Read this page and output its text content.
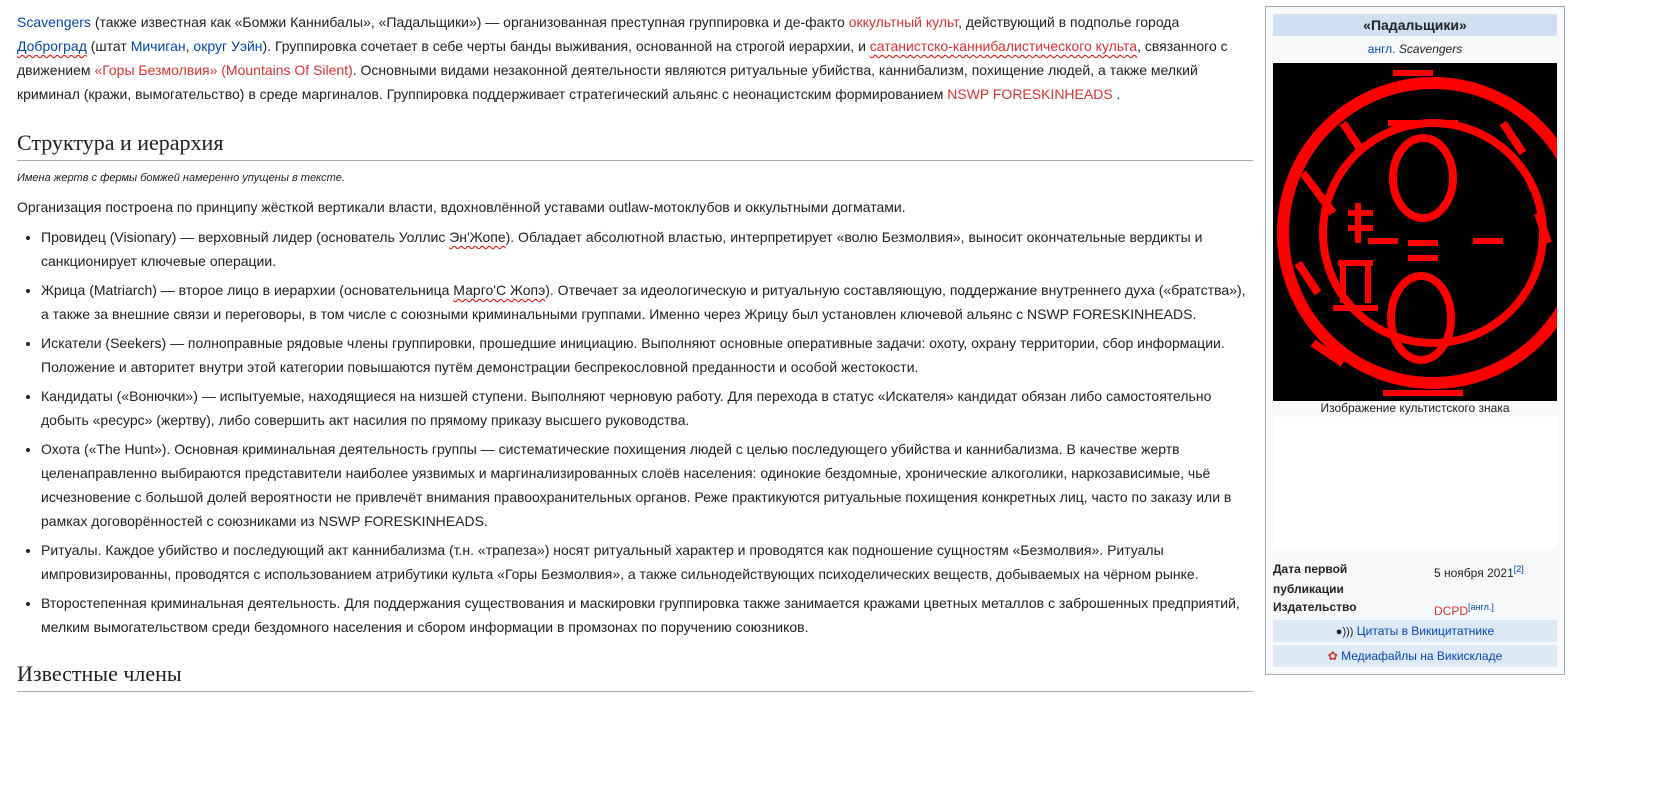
Scavengers (также известная как «Бомжи Каннибалы», «Падальщики») — организованная преступная группировка и де-факто оккультный культ, действующий в подполье города Доброград (штат Мичиган, округ Уэйн). Группировка сочетает в себе черты банды выживания, основанной на строгой иерархии, и сатанистско-каннибалистического культа, связанного с движением «Горы Безмолвия» (Mountains Of Silent). Основными видами незаконной деятельности являются ритуальные убийства, каннибализм, похищение людей, а также мелкий криминал (кражи, вымогательство) в среде маргиналов. Группировка поддерживает стратегический альянс с неонацистским формированием NSWP FORESKINHEADS .

Структура и иерархия
Имена жертв с фермы бомжей намеренно упущены в тексте.

Организация построена по принципу жёсткой вертикали власти, вдохновлённой уставами outlaw-мотоклубов и оккультными догматами.

• Провидец (Visionary) — верховный лидер (основатель Уоллис Эн'Жопе). Обладает абсолютной властью, интерпретирует «волю Безмолвия», выносит окончательные вердикты и санкционирует ключевые операции.
• Жрица (Matriarch) — второе лицо в иерархии (основательница Марго'С Жопэ). Отвечает за идеологическую и ритуальную составляющую, поддержание внутреннего духа («братства»), а также за внешние связи и переговоры, в том числе с союзными криминальными группами. Именно через Жрицу был установлен ключевой альянс с NSWP FORESKINHEADS.
• Искатели (Seekers) — полноправные рядовые члены группировки, прошедшие инициацию. Выполняют основные оперативные задачи: охоту, охрану территории, сбор информации. Положение и авторитет внутри этой категории повышаются путём демонстрации беспрекословной преданности и особой жестокости.
• Кандидаты («Вонючки») — испытуемые, находящиеся на низшей ступени. Выполняют черновую работу. Для перехода в статус «Искателя» кандидат обязан либо самостоятельно добыть «ресурс» (жертву), либо совершить акт насилия по прямому приказу высшего руководства.
• Охота («The Hunt»). Основная криминальная деятельность группы — систематические похищения людей с целью последующего убийства и каннибализма. В качестве жертв целенаправленно выбираются представители наиболее уязвимых и маргинализированных слоёв населения: одинокие бездомные, хронические алкоголики, наркозависимые, чьё исчезновение с большой долей вероятности не привлечёт внимания правоохранительных органов. Реже практикуются ритуальные похищения конкретных лиц, часто по заказу или в рамках договорённостей с союзниками из NSWP FORESKINHEADS.
• Ритуалы. Каждое убийство и последующий акт каннибализма (т.н. «трапеза») носят ритуальный характер и проводятся как подношение сущностям «Безмолвия». Ритуалы импровизированны, проводятся с использованием атрибутики культа «Горы Безмолвия», а также сильнодействующих психоделических веществ, добываемых на чёрном рынке.
• Второстепенная криминальная деятельность. Для поддержания существования и маскировки группировка также занимается кражами цветных металлов с заброшенных предприятий, мелким вымогательством среди бездомного населения и сбором информации в промзонах по поручению союзников.
Известные члены
«Падальщики»
англ. Scavengers
Изображение культистского знака
Дата первой публикации
5 ноября 2021[2]
Издательство	DCPD[англ.]
●))) Цитаты в Викицитатнике
✿ Медиафайлы на Викискладе
